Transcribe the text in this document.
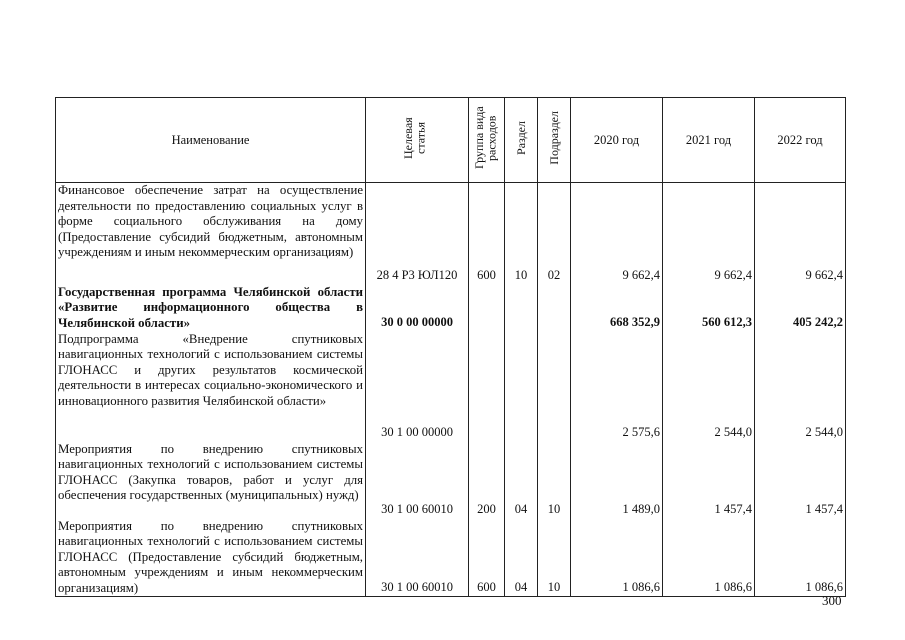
Наименование	Целевая статья	Группа вида расходов	Раздел	Подраздел	2020 год	2021 год	2022 год
Финансовое обеспечение затрат на осуществление деятельности по предоставлению социальных услуг в форме социального обслуживания на дому (Предоставление субсидий бюджетным, автономным учреждениям и иным некоммерческим организациям)	28 4 P3 ЮЛ120	600	10	02	9 662,4	9 662,4	9 662,4
Государственная программа Челябинской области «Развитие информационного общества в Челябинской области»	30 0 00 00000				668 352,9	560 612,3	405 242,2
Подпрограмма «Внедрение спутниковых навигационных технологий с использованием системы ГЛОНАСС и других результатов космической деятельности в интересах социально-экономического и инновационного развития Челябинской области»	30 1 00 00000				2 575,6	2 544,0	2 544,0
Мероприятия по внедрению спутниковых навигационных технологий с использованием системы ГЛОНАСС (Закупка товаров, работ и услуг для обеспечения государственных (муниципальных) нужд)	30 1 00 60010	200	04	10	1 489,0	1 457,4	1 457,4
Мероприятия по внедрению спутниковых навигационных технологий с использованием системы ГЛОНАСС (Предоставление субсидий бюджетным, автономным учреждениям и иным некоммерческим организациям)	30 1 00 60010	600	04	10	1 086,6	1 086,6	1 086,6
300
